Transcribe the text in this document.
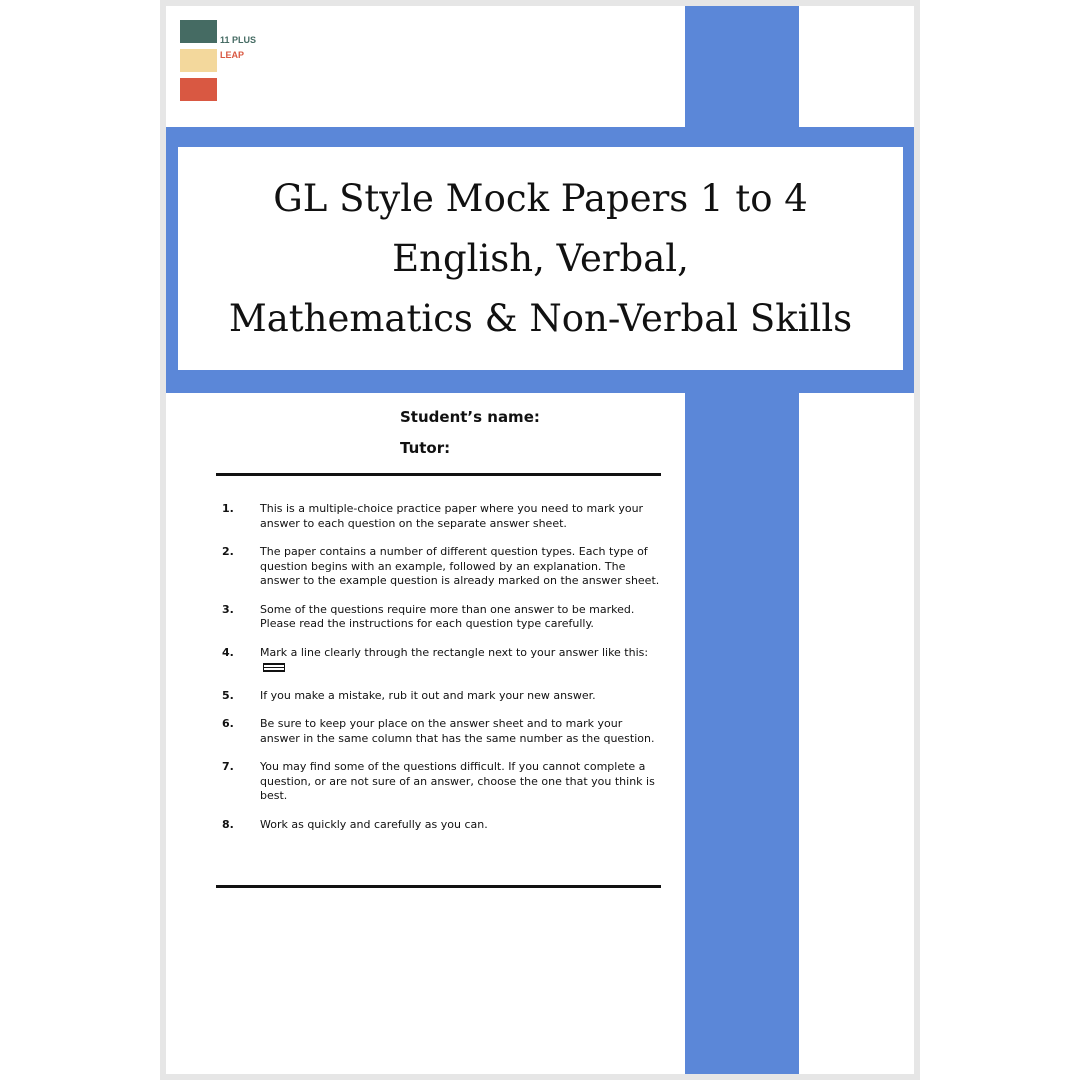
11 PLUS
LEAP
GL Style Mock Papers 1 to 4
English, Verbal,
Mathematics & Non-Verbal Skills
Student’s name:
Tutor:
1.	This is a multiple-choice practice paper where you need to mark your answer to each question on the separate answer sheet.
2.	The paper contains a number of different question types. Each type of question begins with an example, followed by an explanation. The answer to the example question is already marked on the answer sheet.
3.	Some of the questions require more than one answer to be marked. Please read the instructions for each question type carefully.
4.	Mark a line clearly through the rectangle next to your answer like this:
5.	If you make a mistake, rub it out and mark your new answer.
6.	Be sure to keep your place on the answer sheet and to mark your answer in the same column that has the same number as the question.
7.	You may find some of the questions difficult. If you cannot complete a question, or are not sure of an answer, choose the one that you think is best.
8.	Work as quickly and carefully as you can.
